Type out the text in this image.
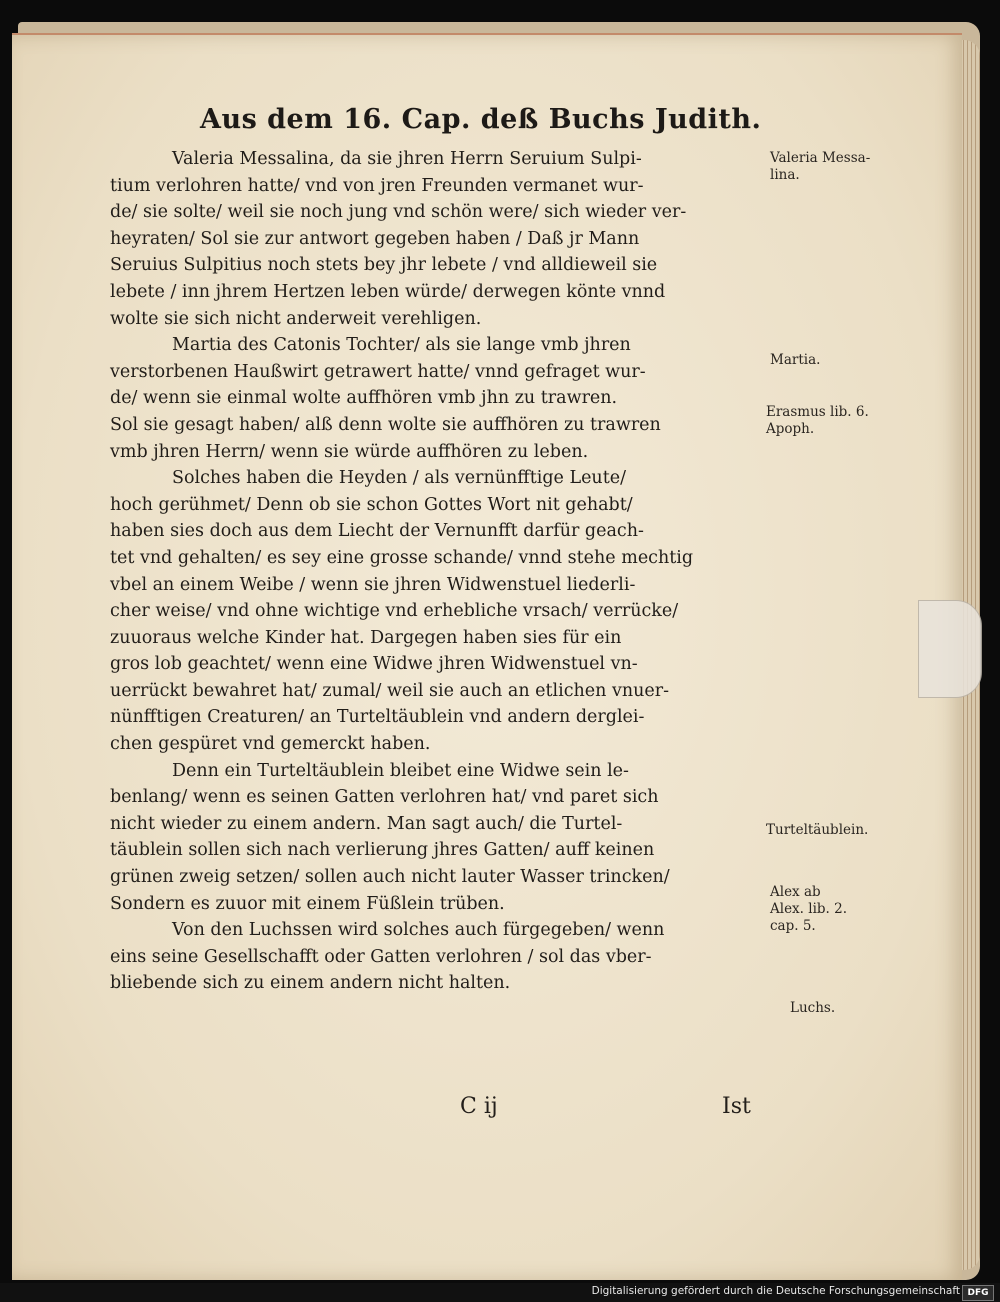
Aus dem 16. Cap. deß Buchs Judith.
Valeria Messalina, da sie jhren Herrn Seruium Sulpi-
tium verlohren hatte/ vnd von jren Freunden vermanet wur-
de/ sie solte/ weil sie noch jung vnd schön were/ sich wieder ver-
heyraten/ Sol sie zur antwort gegeben haben / Daß jr Mann
Seruius Sulpitius noch stets bey jhr lebete / vnd alldieweil sie
lebete / inn jhrem Hertzen leben würde/ derwegen könte vnnd
wolte sie sich nicht anderweit verehligen.
Martia des Catonis Tochter/ als sie lange vmb jhren
verstorbenen Haußwirt getrawert hatte/ vnnd gefraget wur-
de/ wenn sie einmal wolte auffhören vmb jhn zu trawren.
Sol sie gesagt haben/ alß denn wolte sie auffhören zu trawren
vmb jhren Herrn/ wenn sie würde auffhören zu leben.
Solches haben die Heyden / als vernünfftige Leute/
hoch gerühmet/ Denn ob sie schon Gottes Wort nit gehabt/
haben sies doch aus dem Liecht der Vernunfft darfür geach-
tet vnd gehalten/ es sey eine grosse schande/ vnnd stehe mechtig
vbel an einem Weibe / wenn sie jhren Widwenstuel liederli-
cher weise/ vnd ohne wichtige vnd erhebliche vrsach/ verrücke/
zuuoraus welche Kinder hat. Dargegen haben sies für ein
gros lob geachtet/ wenn eine Widwe jhren Widwenstuel vn-
uerrückt bewahret hat/ zumal/ weil sie auch an etlichen vnuer-
nünfftigen Creaturen/ an Turteltäublein vnd andern derglei-
chen gespüret vnd gemerckt haben.
Denn ein Turteltäublein bleibet eine Widwe sein le-
benlang/ wenn es seinen Gatten verlohren hat/ vnd paret sich
nicht wieder zu einem andern. Man sagt auch/ die Turtel-
täublein sollen sich nach verlierung jhres Gatten/ auff keinen
grünen zweig setzen/ sollen auch nicht lauter Wasser trincken/
Sondern es zuuor mit einem Füßlein trüben.
Von den Luchssen wird solches auch fürgegeben/ wenn
eins seine Gesellschafft oder Gatten verlohren / sol das vber-
bliebende sich zu einem andern nicht halten.
Valeria Messa-
lina.
Martia.
Erasmus lib. 6.
Apoph.
Turteltäublein.
Alex ab
Alex. lib. 2.
cap. 5.
Luchs.
C ij	Ist
Digitalisierung gefördert durch die Deutsche Forschungsgemeinschaft DFG
